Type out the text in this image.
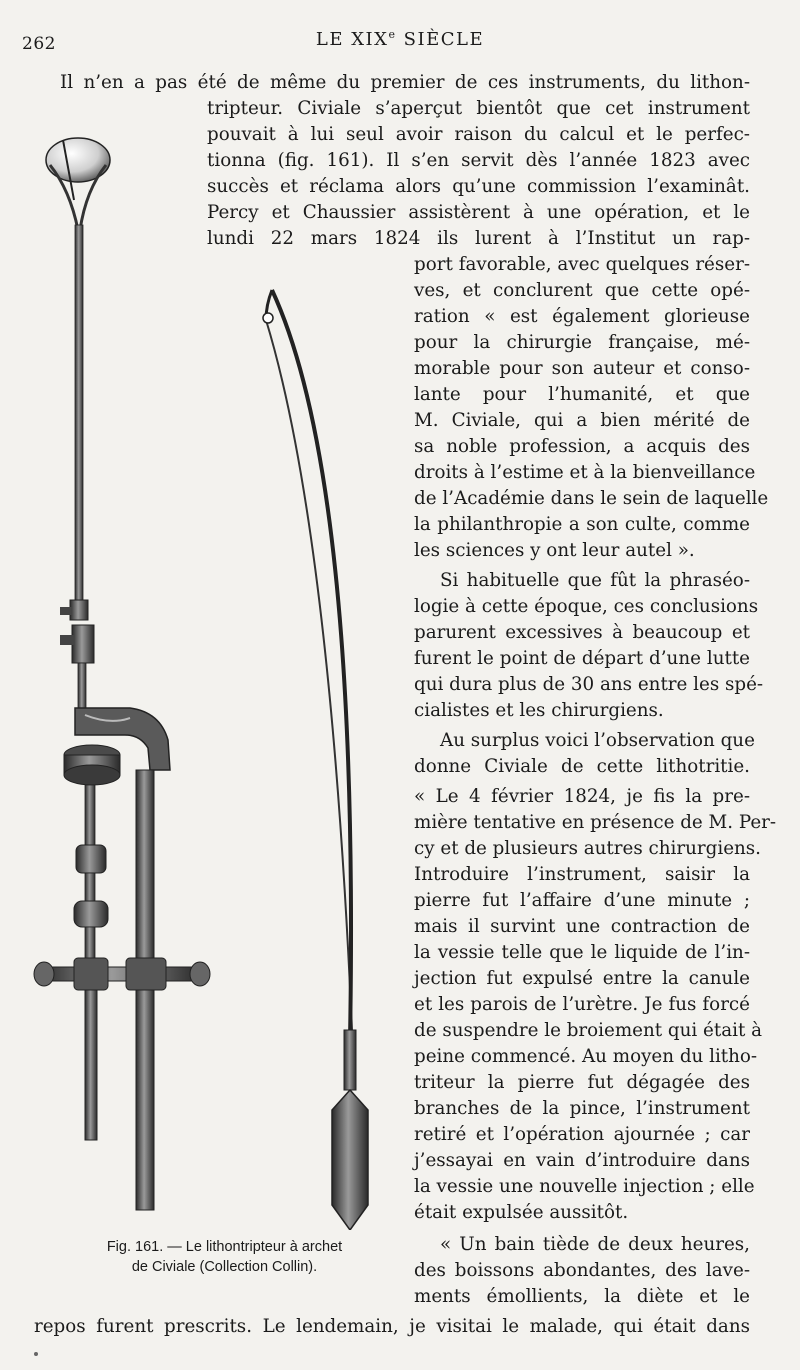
262	LE XIXe SIÈCLE
Il n’en a pas été de même du premier de ces instruments, du lithon-
tripteur. Civiale s’aperçut bientôt que cet instrument
pouvait à lui seul avoir raison du calcul et le perfec-
tionna (fig. 161). Il s’en servit dès l’année 1823 avec
succès et réclama alors qu’une commission l’examinât.
Percy et Chaussier assistèrent à une opération, et le
lundi 22 mars 1824 ils lurent à l’Institut un rap-
port favorable, avec quelques réser-
ves, et conclurent que cette opé-
ration « est également glorieuse
pour la chirurgie française, mé-
morable pour son auteur et conso-
lante pour l’humanité, et que
M. Civiale, qui a bien mérité de
sa noble profession, a acquis des
droits à l’estime et à la bienveillance
de l’Académie dans le sein de laquelle
la philanthropie a son culte, comme
les sciences y ont leur autel ».
Si habituelle que fût la phraséo-
logie à cette époque, ces conclusions
parurent excessives à beaucoup et
furent le point de départ d’une lutte
qui dura plus de 30 ans entre les spé-
cialistes et les chirurgiens.
Au surplus voici l’observation que
donne Civiale de cette lithotritie.
« Le 4 février 1824, je fis la pre-
mière tentative en présence de M. Per-
cy et de plusieurs autres chirurgiens.
Introduire l’instrument, saisir la
pierre fut l’affaire d’une minute ;
mais il survint une contraction de
la vessie telle que le liquide de l’in-
jection fut expulsé entre la canule
et les parois de l’urètre. Je fus forcé
de suspendre le broiement qui était à
peine commencé. Au moyen du litho-
triteur la pierre fut dégagée des
branches de la pince, l’instrument
retiré et l’opération ajournée ; car
j’essayai en vain d’introduire dans
la vessie une nouvelle injection ; elle
était expulsée aussitôt.
« Un bain tiède de deux heures,
des boissons abondantes, des lave-
ments émollients, la diète et le
repos furent prescrits. Le lendemain, je visitai le malade, qui était dans
Fig. 161. — Le lithontripteur à archet
de Civiale (Collection Collin).
